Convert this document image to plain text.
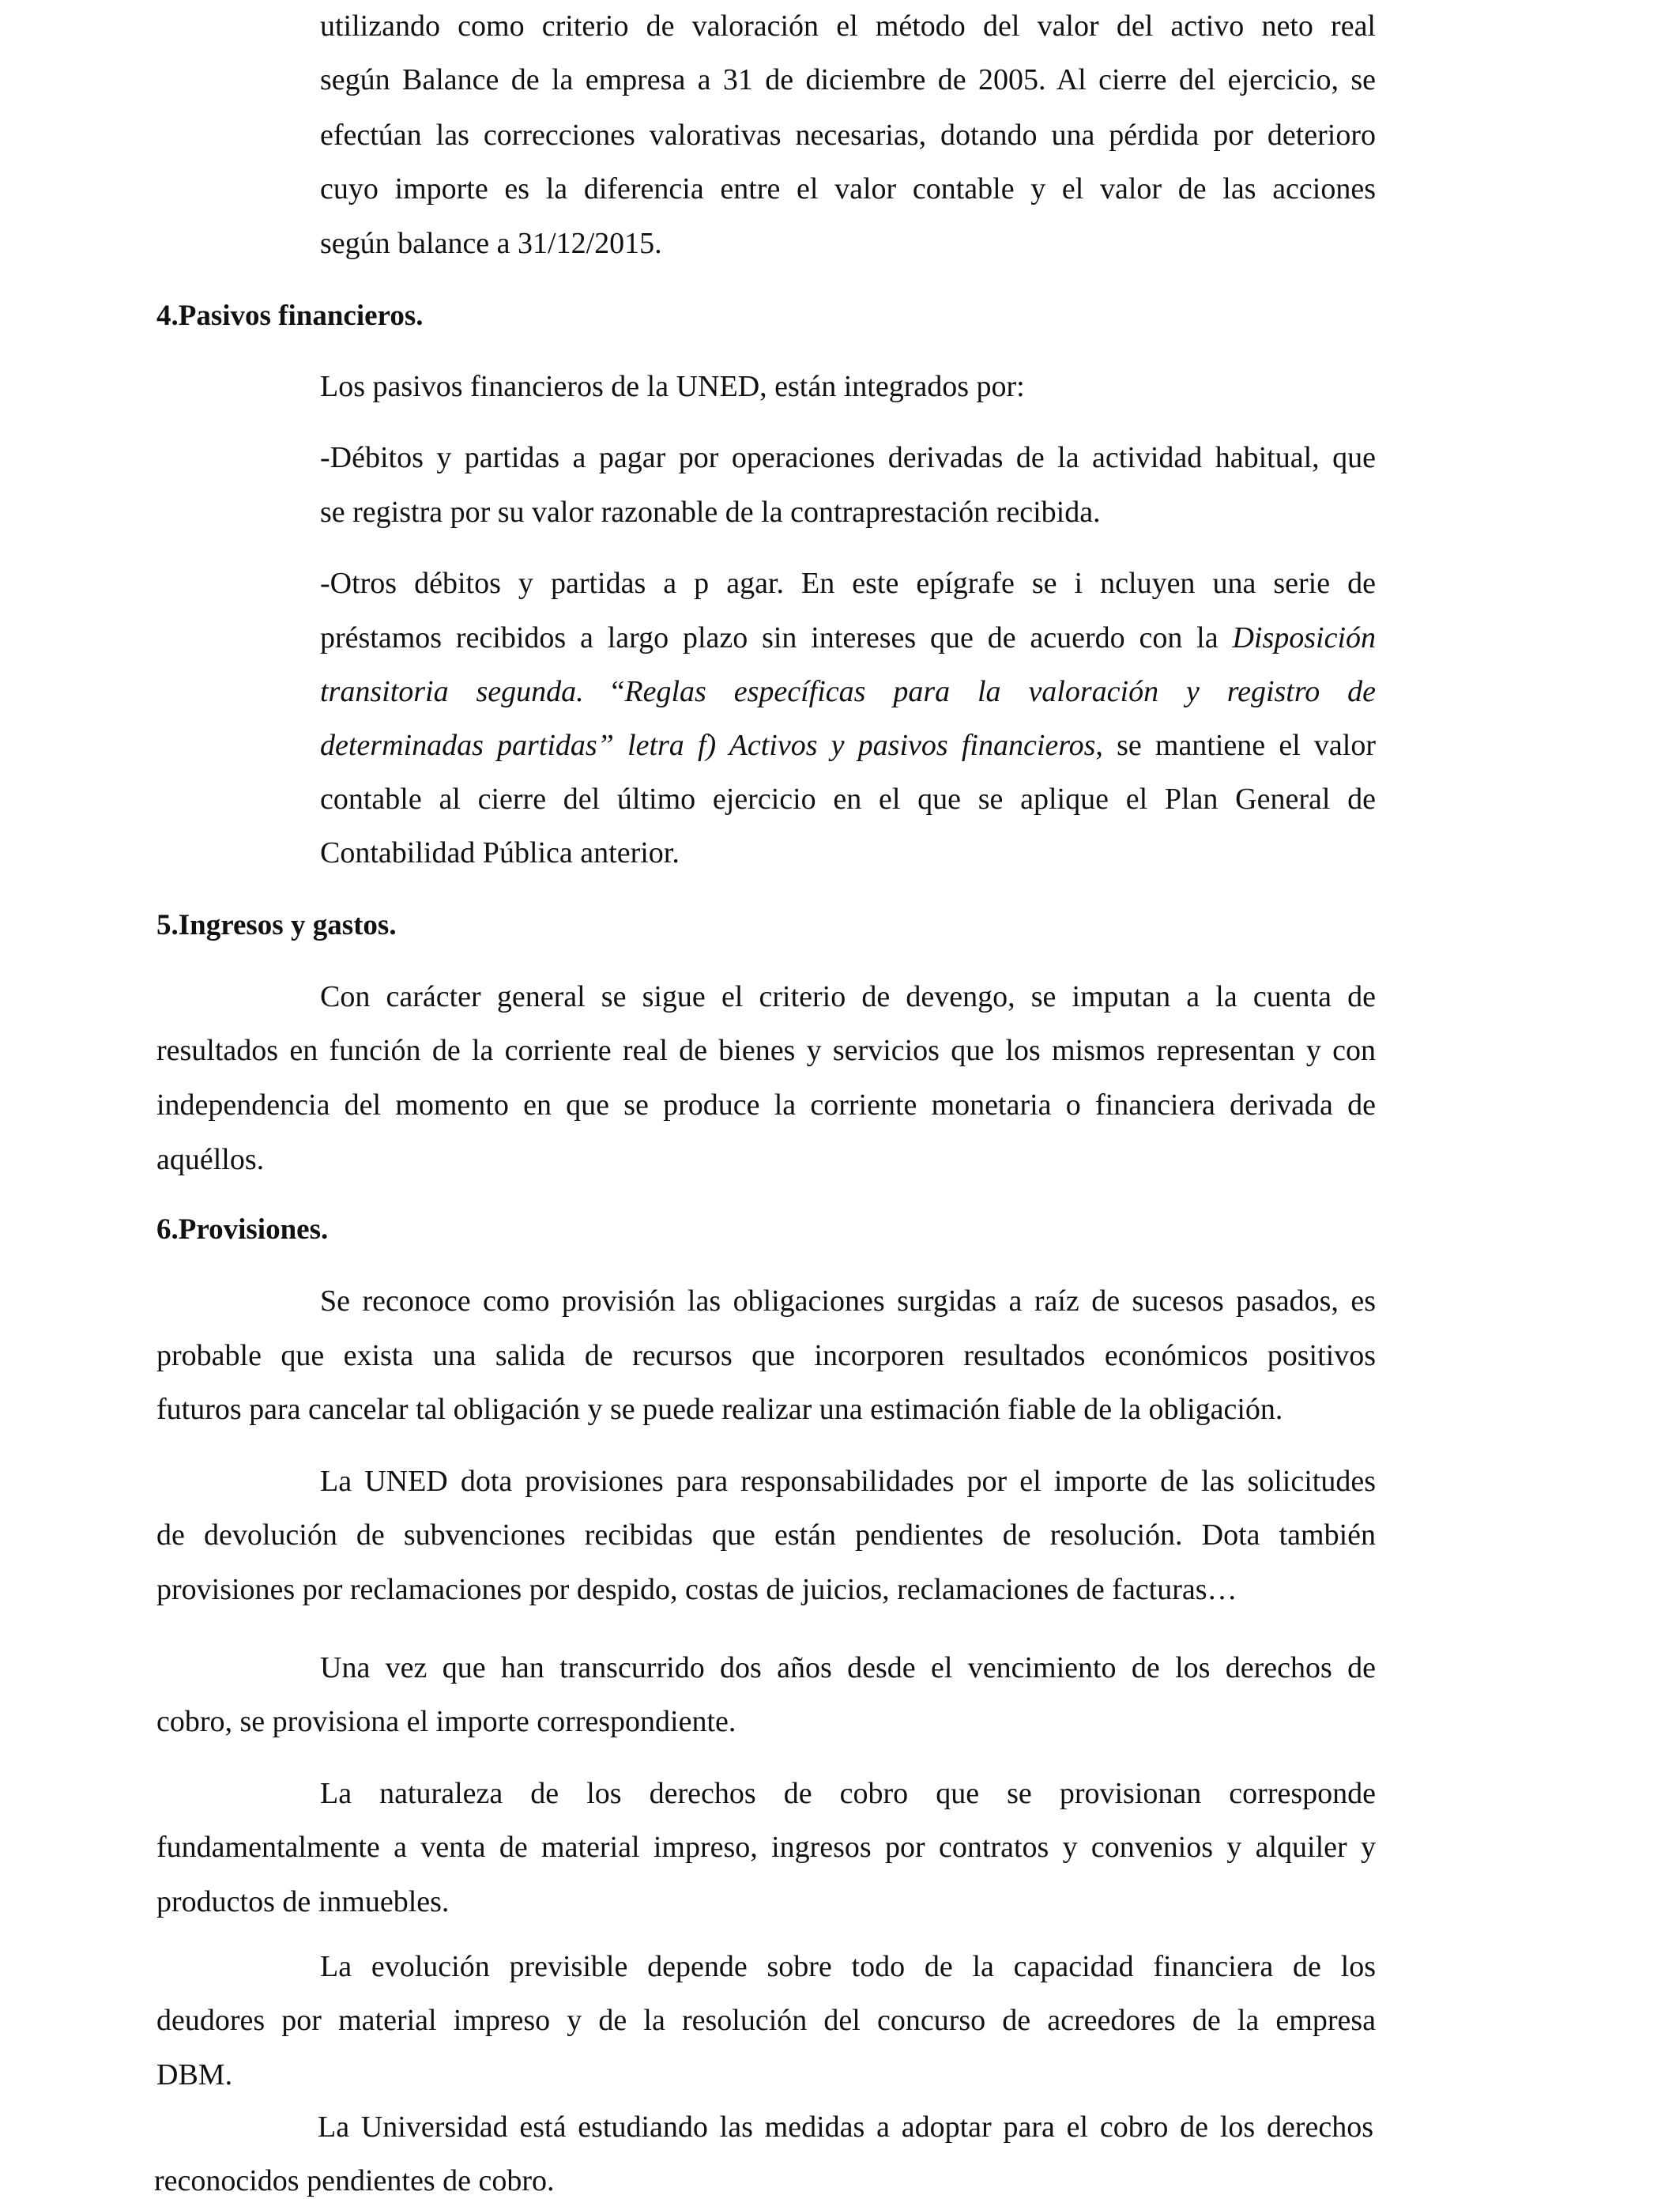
utilizando como criterio de valoración el método del valor del activo neto real
según Balance de la empresa a 31 de diciembre de 2005. Al cierre del ejercicio, se
efectúan las correcciones valorativas necesarias, dotando una pérdida por deterioro
cuyo importe es la diferencia entre el valor contable y el valor de las acciones
según balance a 31/12/2015.
4.Pasivos financieros.
Los pasivos financieros de la UNED, están integrados por:
-Débitos y partidas a pagar por operaciones derivadas de la actividad habitual, que
se registra por su valor razonable de la contraprestación recibida.
-Otros débitos y partidas a p agar. En este epígrafe se i ncluyen una serie de
préstamos recibidos a largo plazo sin intereses que de acuerdo con la Disposición
transitoria segunda. “Reglas específicas para la valoración y registro de
determinadas partidas” letra f) Activos y pasivos financieros, se mantiene el valor
contable al cierre del último ejercicio en el que se aplique el Plan General de
Contabilidad Pública anterior.
5.Ingresos y gastos.
Con carácter general se sigue el criterio de devengo, se imputan a la cuenta de
resultados en función de la corriente real de bienes y servicios que los mismos representan y con
independencia del momento en que se produce la corriente monetaria o financiera derivada de
aquéllos.
6.Provisiones.
Se reconoce como provisión las obligaciones surgidas a raíz de sucesos pasados, es
probable que exista una salida de recursos que incorporen resultados económicos positivos
futuros para cancelar tal obligación y se puede realizar una estimación fiable de la obligación.
La UNED dota provisiones para responsabilidades por el importe de las solicitudes
de devolución de subvenciones recibidas que están pendientes de resolución. Dota también
provisiones por reclamaciones por despido, costas de juicios, reclamaciones de facturas…
Una vez que han transcurrido dos años desde el vencimiento de los derechos de
cobro, se provisiona el importe correspondiente.
La naturaleza de los derechos de cobro que se provisionan corresponde
fundamentalmente a venta de material impreso, ingresos por contratos y convenios y alquiler y
productos de inmuebles.
La evolución previsible depende sobre todo de la capacidad financiera de los
deudores por material impreso y de la resolución del concurso de acreedores de la empresa
DBM.
La Universidad está estudiando las medidas a adoptar para el cobro de los derechos
reconocidos pendientes de cobro.
